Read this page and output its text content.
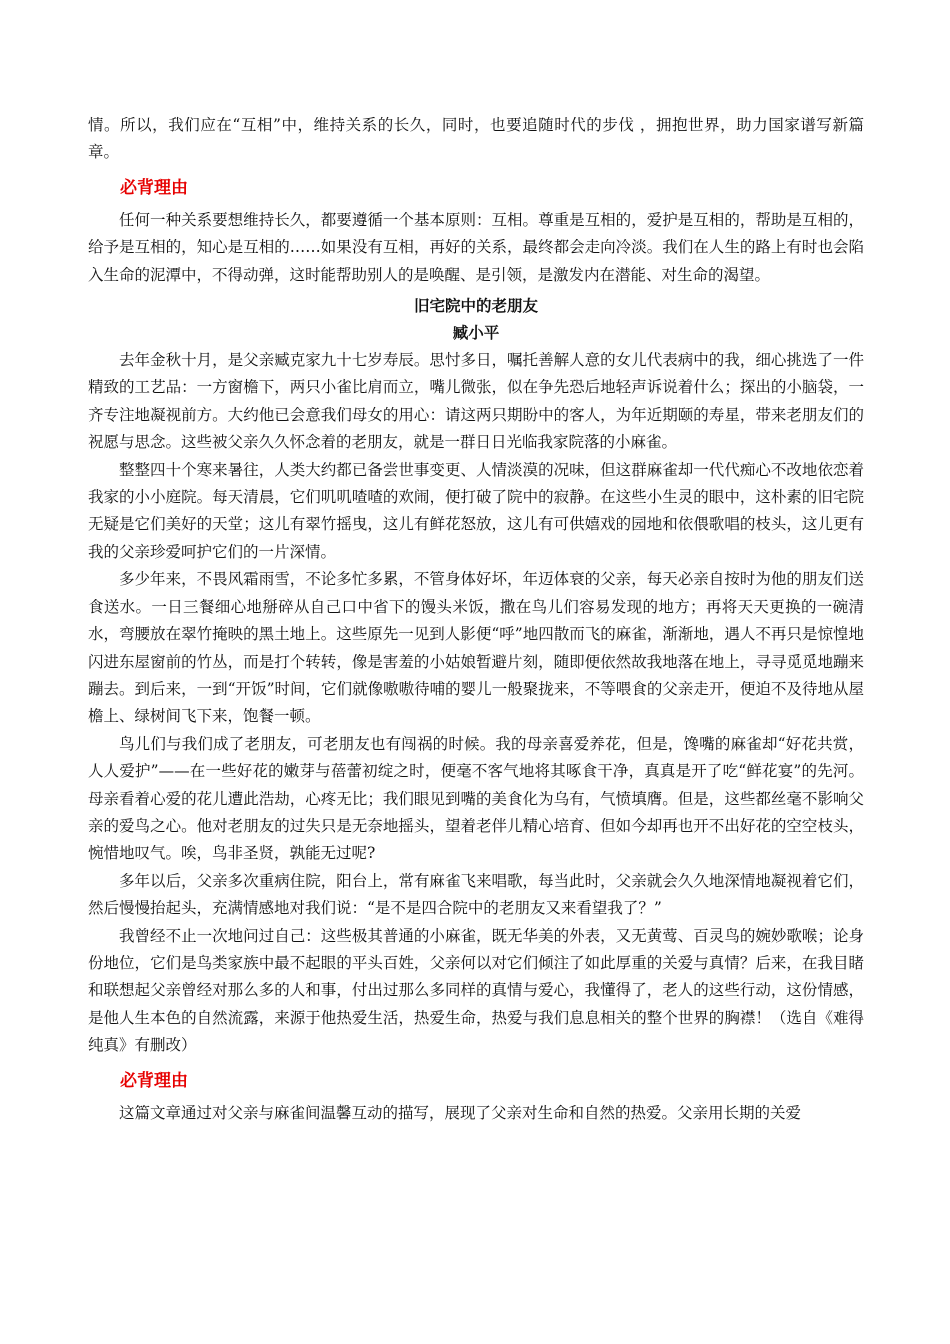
情。所以，我们应在“互相”中，维持关系的长久，同时，也要追随时代的步伐 ，拥抱世界，助力国家谱写新篇章。

必背理由

任何一种关系要想维持长久，都要遵循一个基本原则：互相。尊重是互相的，爱护是互相的，帮助是互相的，给予是互相的，知心是互相的……如果没有互相，再好的关系，最终都会走向冷淡。我们在人生的路上有时也会陷入生命的泥潭中，不得动弹，这时能帮助别人的是唤醒、是引领，是激发内在潜能、对生命的渴望。

旧宅院中的老朋友

臧小平

去年金秋十月，是父亲臧克家九十七岁寿辰。思忖多日，嘱托善解人意的女儿代表病中的我，细心挑选了一件精致的工艺品：一方窗檐下，两只小雀比肩而立，嘴儿微张，似在争先恐后地轻声诉说着什么；探出的小脑袋，一齐专注地凝视前方。大约他已会意我们母女的用心：请这两只期盼中的客人，为年近期颐的寿星，带来老朋友们的祝愿与思念。这些被父亲久久怀念着的老朋友，就是一群日日光临我家院落的小麻雀。

整整四十个寒来暑往，人类大约都已备尝世事变更、人情淡漠的况味，但这群麻雀却一代代痴心不改地依恋着我家的小小庭院。每天清晨，它们叽叽喳喳的欢闹，便打破了院中的寂静。在这些小生灵的眼中，这朴素的旧宅院无疑是它们美好的天堂；这儿有翠竹摇曳，这儿有鲜花怒放，这儿有可供嬉戏的园地和依偎歌唱的枝头，这儿更有我的父亲珍爱呵护它们的一片深情。

多少年来，不畏风霜雨雪，不论多忙多累，不管身体好坏，年迈体衰的父亲，每天必亲自按时为他的朋友们送食送水。一日三餐细心地掰碎从自己口中省下的馒头米饭，撒在鸟儿们容易发现的地方；再将天天更换的一碗清水，弯腰放在翠竹掩映的黑土地上。这些原先一见到人影便“呼”地四散而飞的麻雀，渐渐地，遇人不再只是惊惶地闪进东屋窗前的竹丛，而是打个转转，像是害羞的小姑娘暂避片刻，随即便依然故我地落在地上，寻寻觅觅地蹦来蹦去。到后来，一到“开饭”时间，它们就像嗷嗷待哺的婴儿一般聚拢来，不等喂食的父亲走开，便迫不及待地从屋檐上、绿树间飞下来，饱餐一顿。

鸟儿们与我们成了老朋友，可老朋友也有闯祸的时候。我的母亲喜爱养花，但是，馋嘴的麻雀却“好花共赏，人人爱护”——在一些好花的嫩芽与蓓蕾初绽之时，便毫不客气地将其啄食干净，真真是开了吃“鲜花宴”的先河。母亲看着心爱的花儿遭此浩劫，心疼无比；我们眼见到嘴的美食化为乌有，气愤填膺。但是，这些都丝毫不影响父亲的爱鸟之心。他对老朋友的过失只是无奈地摇头，望着老伴儿精心培育、但如今却再也开不出好花的空空枝头，惋惜地叹气。唉，鸟非圣贤，孰能无过呢?

多年以后，父亲多次重病住院，阳台上，常有麻雀飞来唱歌，每当此时，父亲就会久久地深情地凝视着它们，然后慢慢抬起头，充满情感地对我们说：“是不是四合院中的老朋友又来看望我了？”

我曾经不止一次地问过自己：这些极其普通的小麻雀，既无华美的外表，又无黄莺、百灵鸟的婉妙歌喉；论身份地位，它们是鸟类家族中最不起眼的平头百姓，父亲何以对它们倾注了如此厚重的关爱与真情？后来，在我目睹和联想起父亲曾经对那么多的人和事，付出过那么多同样的真情与爱心，我懂得了，老人的这些行动，这份情感，是他人生本色的自然流露，来源于他热爱生活，热爱生命，热爱与我们息息相关的整个世界的胸襟！（选自《难得纯真》有删改）

必背理由

这篇文章通过对父亲与麻雀间温馨互动的描写，展现了父亲对生命和自然的热爱。父亲用长期的关爱
